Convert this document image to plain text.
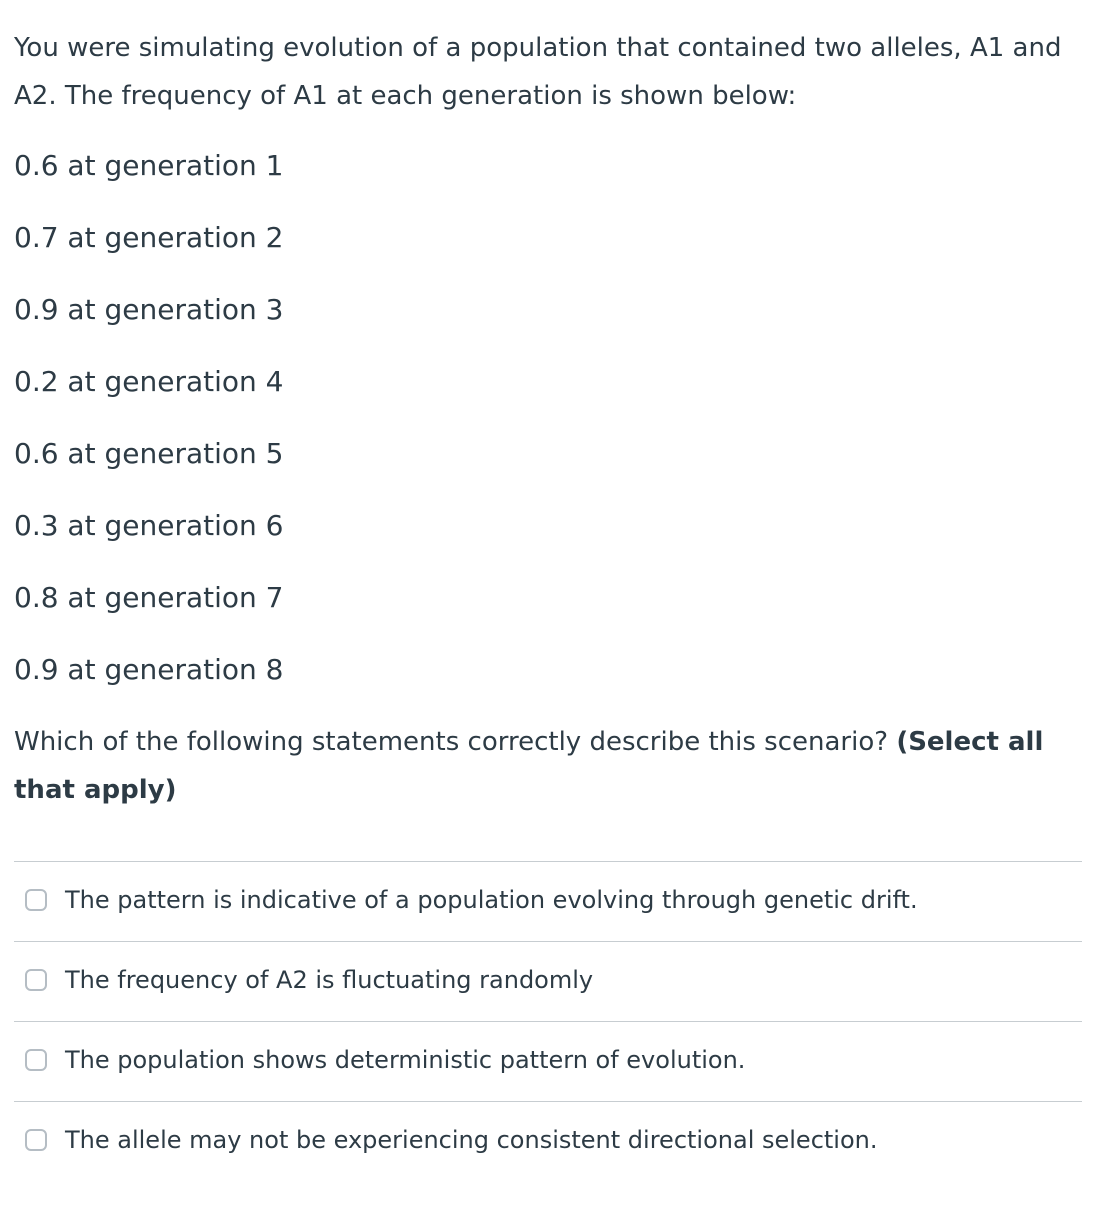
You were simulating evolution of a population that contained two alleles, A1 and A2. The frequency of A1 at each generation is shown below:

0.6 at generation 1
0.7 at generation 2
0.9 at generation 3
0.2 at generation 4
0.6 at generation 5
0.3 at generation 6
0.8 at generation 7
0.9 at generation 8

Which of the following statements correctly describe this scenario? (Select all that apply)

The pattern is indicative of a population evolving through genetic drift.
The frequency of A2 is fluctuating randomly
The population shows deterministic pattern of evolution.
The allele may not be experiencing consistent directional selection.
